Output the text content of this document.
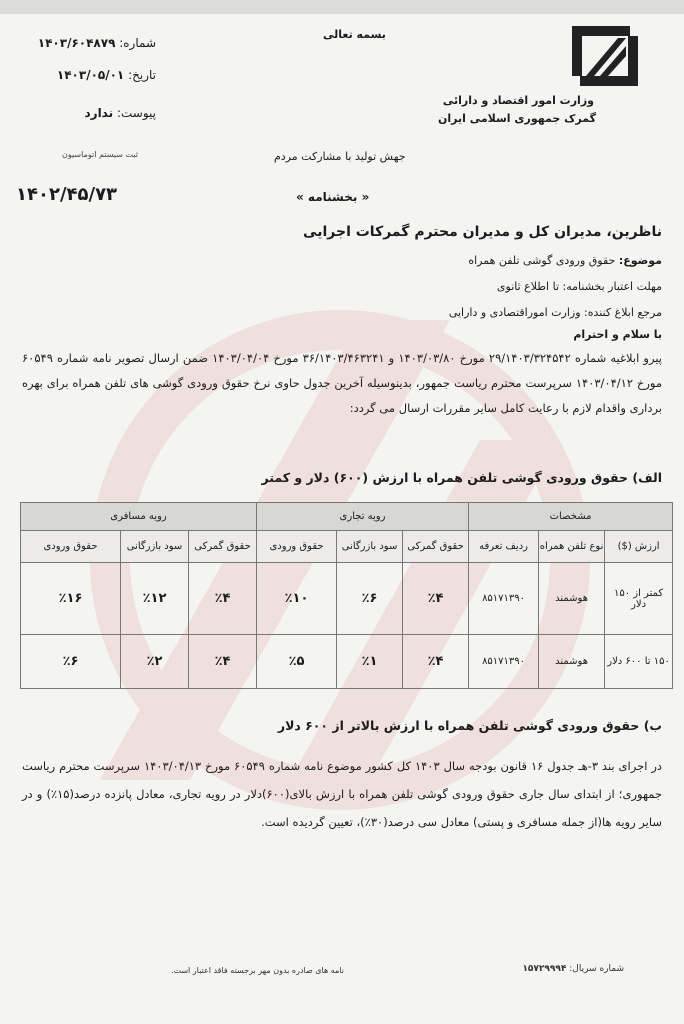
وزارت امور اقتصاد و دارائی
گمرک جمهوری اسلامی ایران
بسمه تعالی
شماره: ۱۴۰۳/۶۰۴۸۷۹
تاریخ: ۱۴۰۳/۰۵/۰۱
پیوست: ندارد
ثبت سیستم اتوماسیون	جهش تولید با مشارکت مردم
« بخشنامه »
۱۴۰۲/۴۵/۷۳
ناظرین، مدیران کل و مدیران محترم گمرکات اجرایی
موضوع: حقوق ورودی گوشی تلفن همراه
مهلت اعتبار بخشنامه: تا اطلاع ثانوی
مرجع ابلاغ کننده: وزارت اموراقتصادی و دارایی
با سلام و احترام
پیرو ابلاغیه شماره ۲۹/۱۴۰۳/۳۲۴۵۴۲ مورخ ۱۴۰۳/۰۳/۸۰ و ۳۶/۱۴۰۳/۴۶۳۲۴۱ مورخ ۱۴۰۳/۰۴/۰۴ ضمن ارسال تصویر نامه شماره ۶۰۵۴۹ مورخ ۱۴۰۳/۰۴/۱۲ سرپرست محترم ریاست جمهور، بدینوسیله آخرین جدول حاوی نرخ حقوق ورودی گوشی های تلفن همراه برای بهره برداری واقدام لازم با رعایت کامل سایر مقررات ارسال می گردد:
الف) حقوق ورودی گوشی تلفن همراه با ارزش (۶۰۰) دلار و کمتر
مشخصات			رویه تجاری			رویه مسافری		
ارزش ($)	نوع تلفن همراه	ردیف تعرفه	حقوق گمرکی	سود بازرگانی	حقوق ورودی	حقوق گمرکی	سود بازرگانی	حقوق ورودی
کمتر از ۱۵۰ دلار	هوشمند	۸۵۱۷۱۳۹۰	٪۴	٪۶	٪۱۰	٪۴	٪۱۲	٪۱۶
۱۵۰ تا ۶۰۰ دلار	هوشمند	۸۵۱۷۱۳۹۰	٪۴	٪۱	٪۵	٪۴	٪۲	٪۶
ب) حقوق ورودی گوشی تلفن همراه با ارزش بالاتر از ۶۰۰ دلار
در اجرای بند ۳-هـ جدول ۱۶ قانون بودجه سال ۱۴۰۳ کل کشور موضوع نامه شماره ۶۰۵۴۹ مورخ ۱۴۰۳/۰۴/۱۳ سرپرست محترم ریاست جمهوری؛ از ابتدای سال جاری حقوق ورودی گوشی تلفن همراه با ارزش بالای(۶۰۰)دلار در رویه تجاری، معادل پانزده درصد(۱۵٪) و در سایر رویه ها(از جمله مسافری و پستی) معادل سی درصد(۳۰٪)، تعیین گردیده است.
شماره سریال: ۱۵۷۲۹۹۹۴
نامه های صادره بدون مهر برجسته فاقد اعتبار است.
